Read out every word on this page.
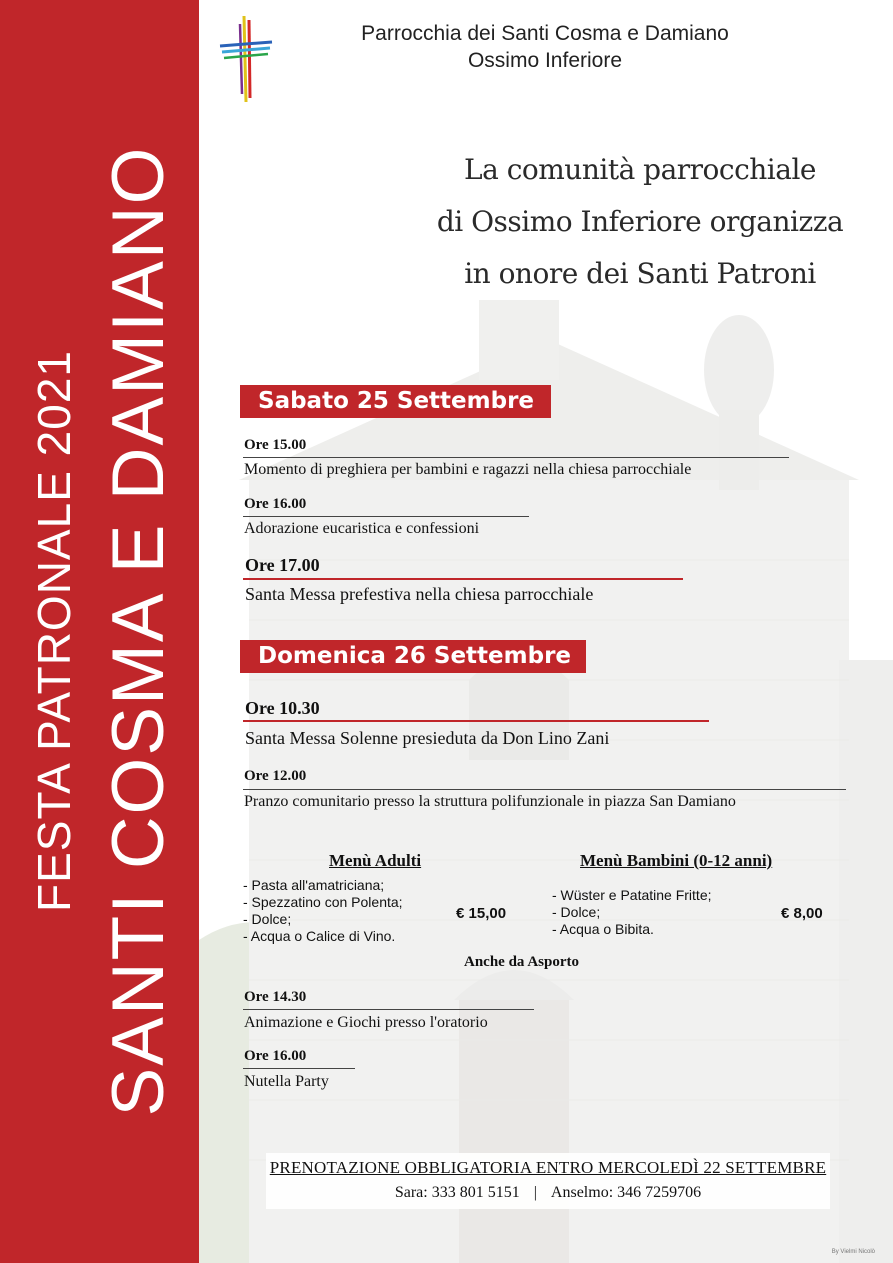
SANTI COSMA E DAMIANO
FESTA PATRONALE 2021
Parrocchia dei Santi Cosma e Damiano
Ossimo Inferiore
La comunità parrocchiale
di Ossimo Inferiore organizza
in onore dei Santi Patroni
Sabato 25 Settembre
Ore 15.00
Momento di preghiera per bambini e ragazzi nella chiesa parrocchiale
Ore 16.00
Adorazione eucaristica e confessioni
Ore 17.00
Santa Messa prefestiva nella chiesa parrocchiale
Domenica 26 Settembre
Ore 10.30
Santa Messa Solenne presieduta da Don Lino Zani
Ore 12.00
Pranzo comunitario presso la struttura polifunzionale in piazza San Damiano
Menù Adulti
- Pasta all'amatriciana;
- Spezzatino con Polenta;
- Dolce;
- Acqua o Calice di Vino.
€ 15,00
Menù Bambini (0-12 anni)
- Wüster e Patatine Fritte;
- Dolce;
- Acqua o Bibita.
€ 8,00
Anche da Asporto
Ore 14.30
Animazione e Giochi presso l'oratorio
Ore 16.00
Nutella Party
PRENOTAZIONE OBBLIGATORIA ENTRO MERCOLEDÌ 22 SETTEMBRE
Sara: 333 801 5151 | Anselmo: 346 7259706
By Vielmi Nicolò
